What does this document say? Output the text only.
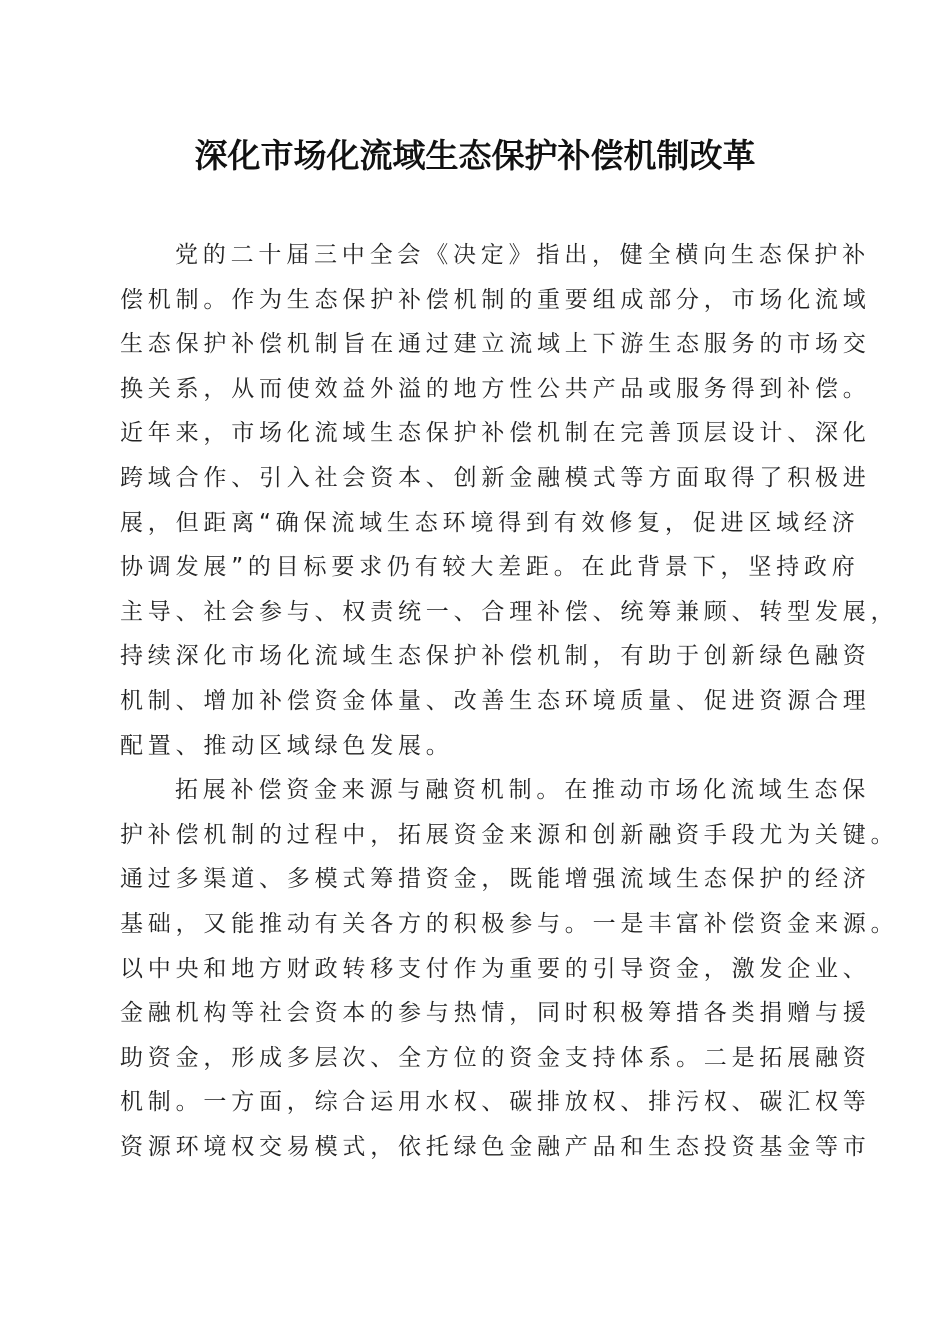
深化市场化流域生态保护补偿机制改革
党的二十届三中全会《决定》指出，健全横向生态保护补
偿机制。作为生态保护补偿机制的重要组成部分，市场化流域
生态保护补偿机制旨在通过建立流域上下游生态服务的市场交
换关系，从而使效益外溢的地方性公共产品或服务得到补偿。
近年来，市场化流域生态保护补偿机制在完善顶层设计、深化
跨域合作、引入社会资本、创新金融模式等方面取得了积极进
展，但距离“确保流域生态环境得到有效修复，促进区域经济
协调发展”的目标要求仍有较大差距。在此背景下，坚持政府
主导、社会参与、权责统一、合理补偿、统筹兼顾、转型发展，
持续深化市场化流域生态保护补偿机制，有助于创新绿色融资
机制、增加补偿资金体量、改善生态环境质量、促进资源合理
配置、推动区域绿色发展。
拓展补偿资金来源与融资机制。在推动市场化流域生态保
护补偿机制的过程中，拓展资金来源和创新融资手段尤为关键。
通过多渠道、多模式筹措资金，既能增强流域生态保护的经济
基础，又能推动有关各方的积极参与。一是丰富补偿资金来源。
以中央和地方财政转移支付作为重要的引导资金，激发企业、
金融机构等社会资本的参与热情，同时积极筹措各类捐赠与援
助资金，形成多层次、全方位的资金支持体系。二是拓展融资
机制。一方面，综合运用水权、碳排放权、排污权、碳汇权等
资源环境权交易模式，依托绿色金融产品和生态投资基金等市
